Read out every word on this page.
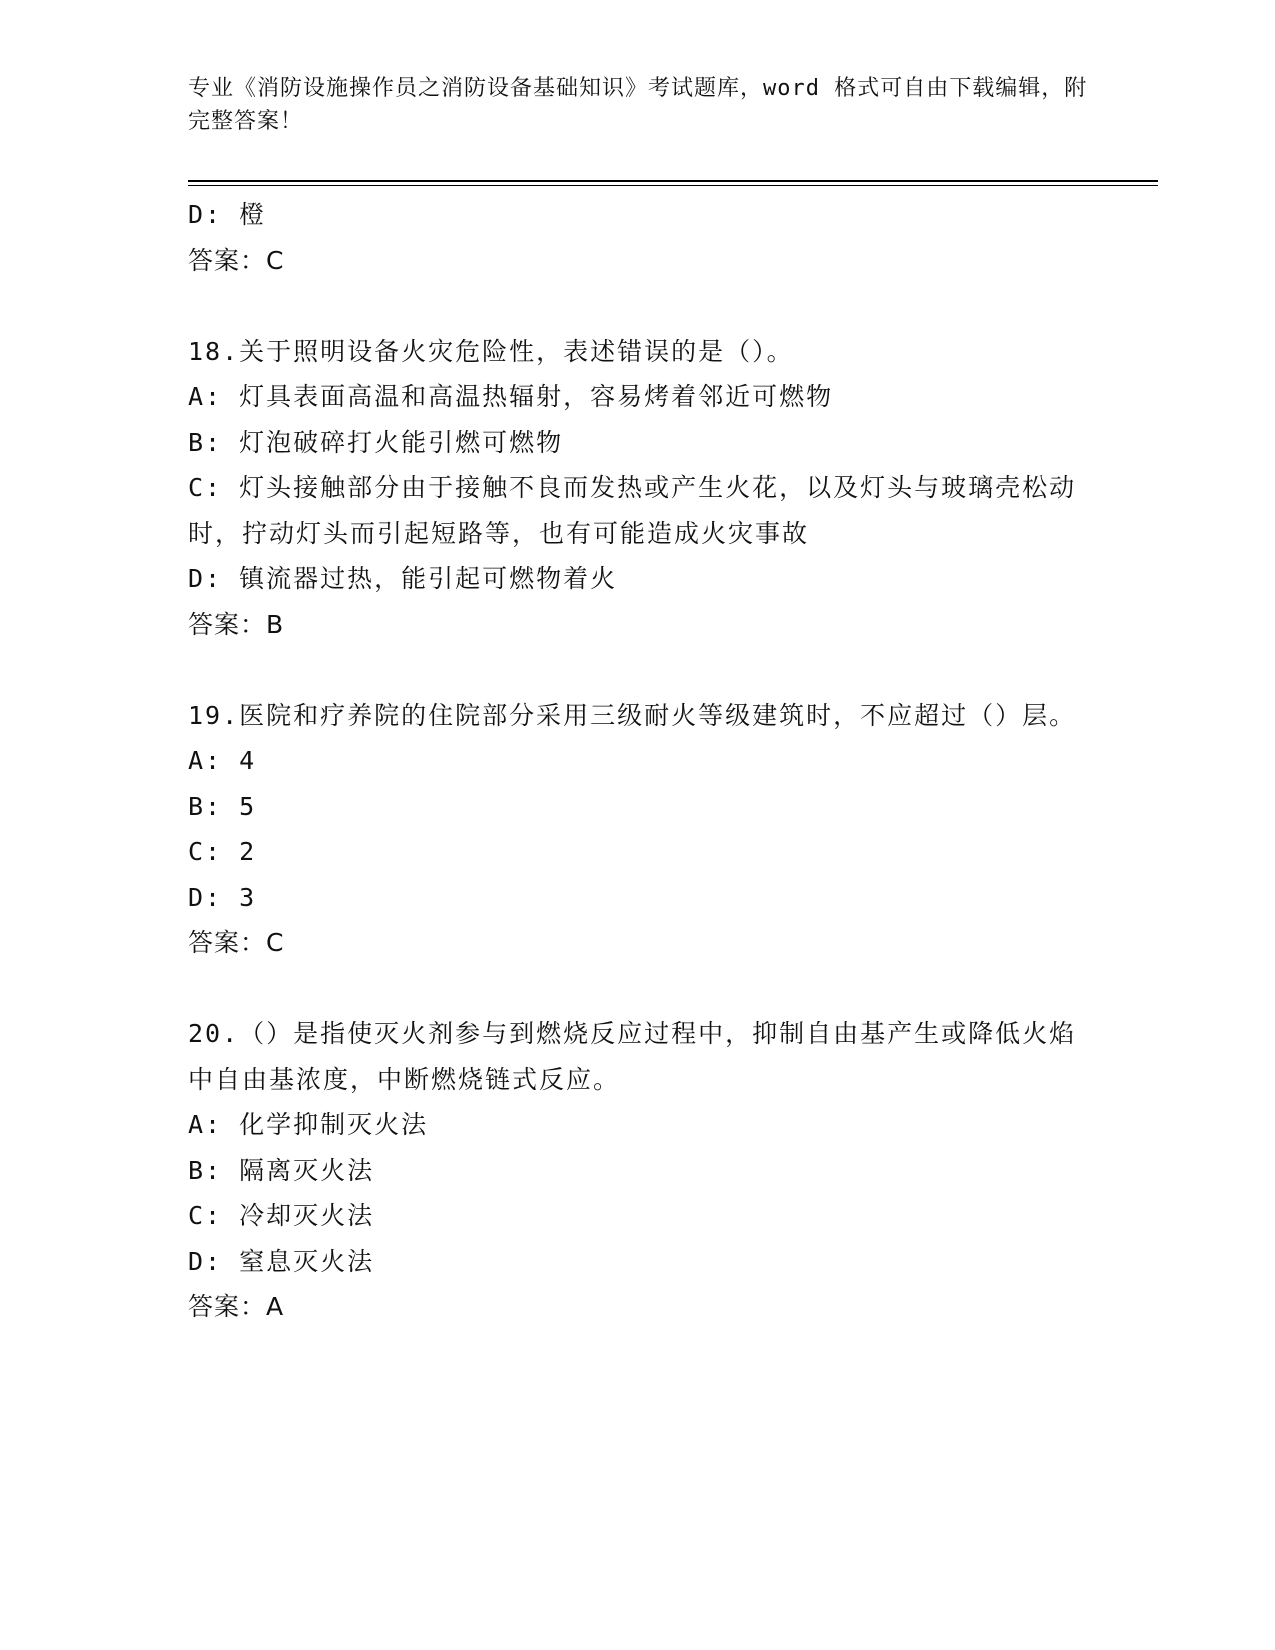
专业《消防设施操作员之消防设备基础知识》考试题库，word 格式可自由下载编辑，附完整答案！
D: 橙
答案：C
18.关于照明设备火灾危险性，表述错误的是（）。
A: 灯具表面高温和高温热辐射，容易烤着邻近可燃物
B: 灯泡破碎打火能引燃可燃物
C: 灯头接触部分由于接触不良而发热或产生火花，以及灯头与玻璃壳松动时，拧动灯头而引起短路等，也有可能造成火灾事故
D: 镇流器过热，能引起可燃物着火
答案：B
19.医院和疗养院的住院部分采用三级耐火等级建筑时，不应超过（）层。
A: 4
B: 5
C: 2
D: 3
答案：C
20.（）是指使灭火剂参与到燃烧反应过程中，抑制自由基产生或降低火焰中自由基浓度，中断燃烧链式反应。
A: 化学抑制灭火法
B: 隔离灭火法
C: 冷却灭火法
D: 窒息灭火法
答案：A
